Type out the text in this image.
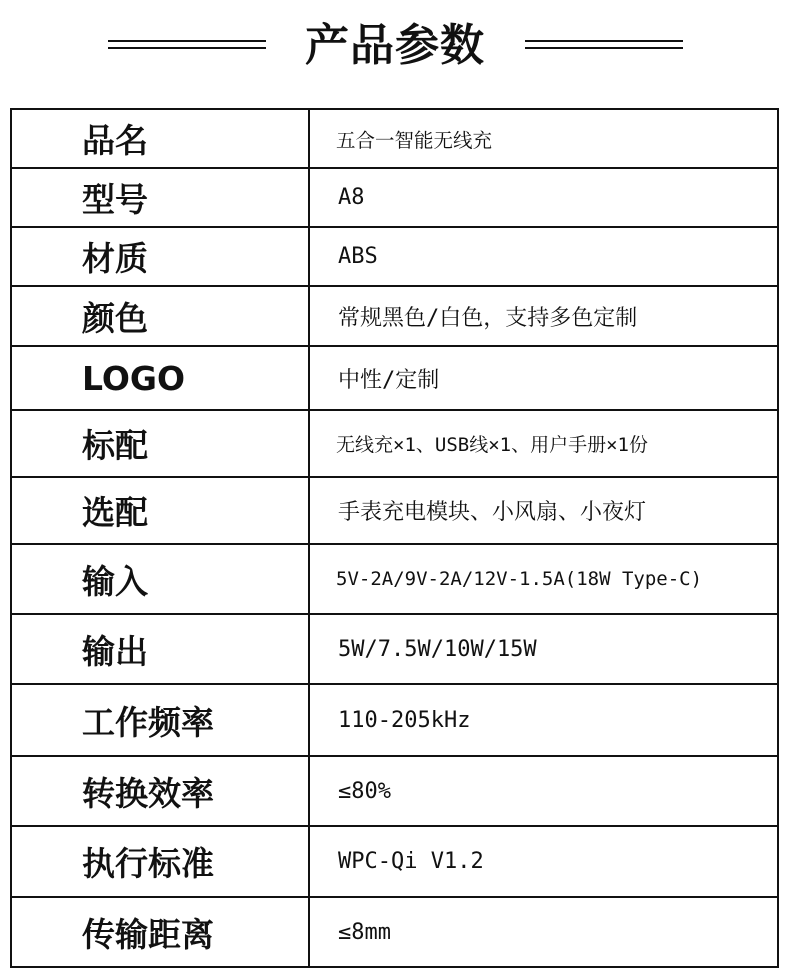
产品参数
品名	五合一智能无线充
型号	A8
材质	ABS
颜色	常规黑色/白色，支持多色定制
LOGO	中性/定制
标配	无线充×1、USB线×1、用户手册×1份
选配	手表充电模块、小风扇、小夜灯
输入	5V-2A/9V-2A/12V-1.5A(18W Type-C)
输出	5W/7.5W/10W/15W
工作频率	110-205kHz
转换效率	≤80%
执行标准	WPC-Qi V1.2
传输距离	≤8mm
